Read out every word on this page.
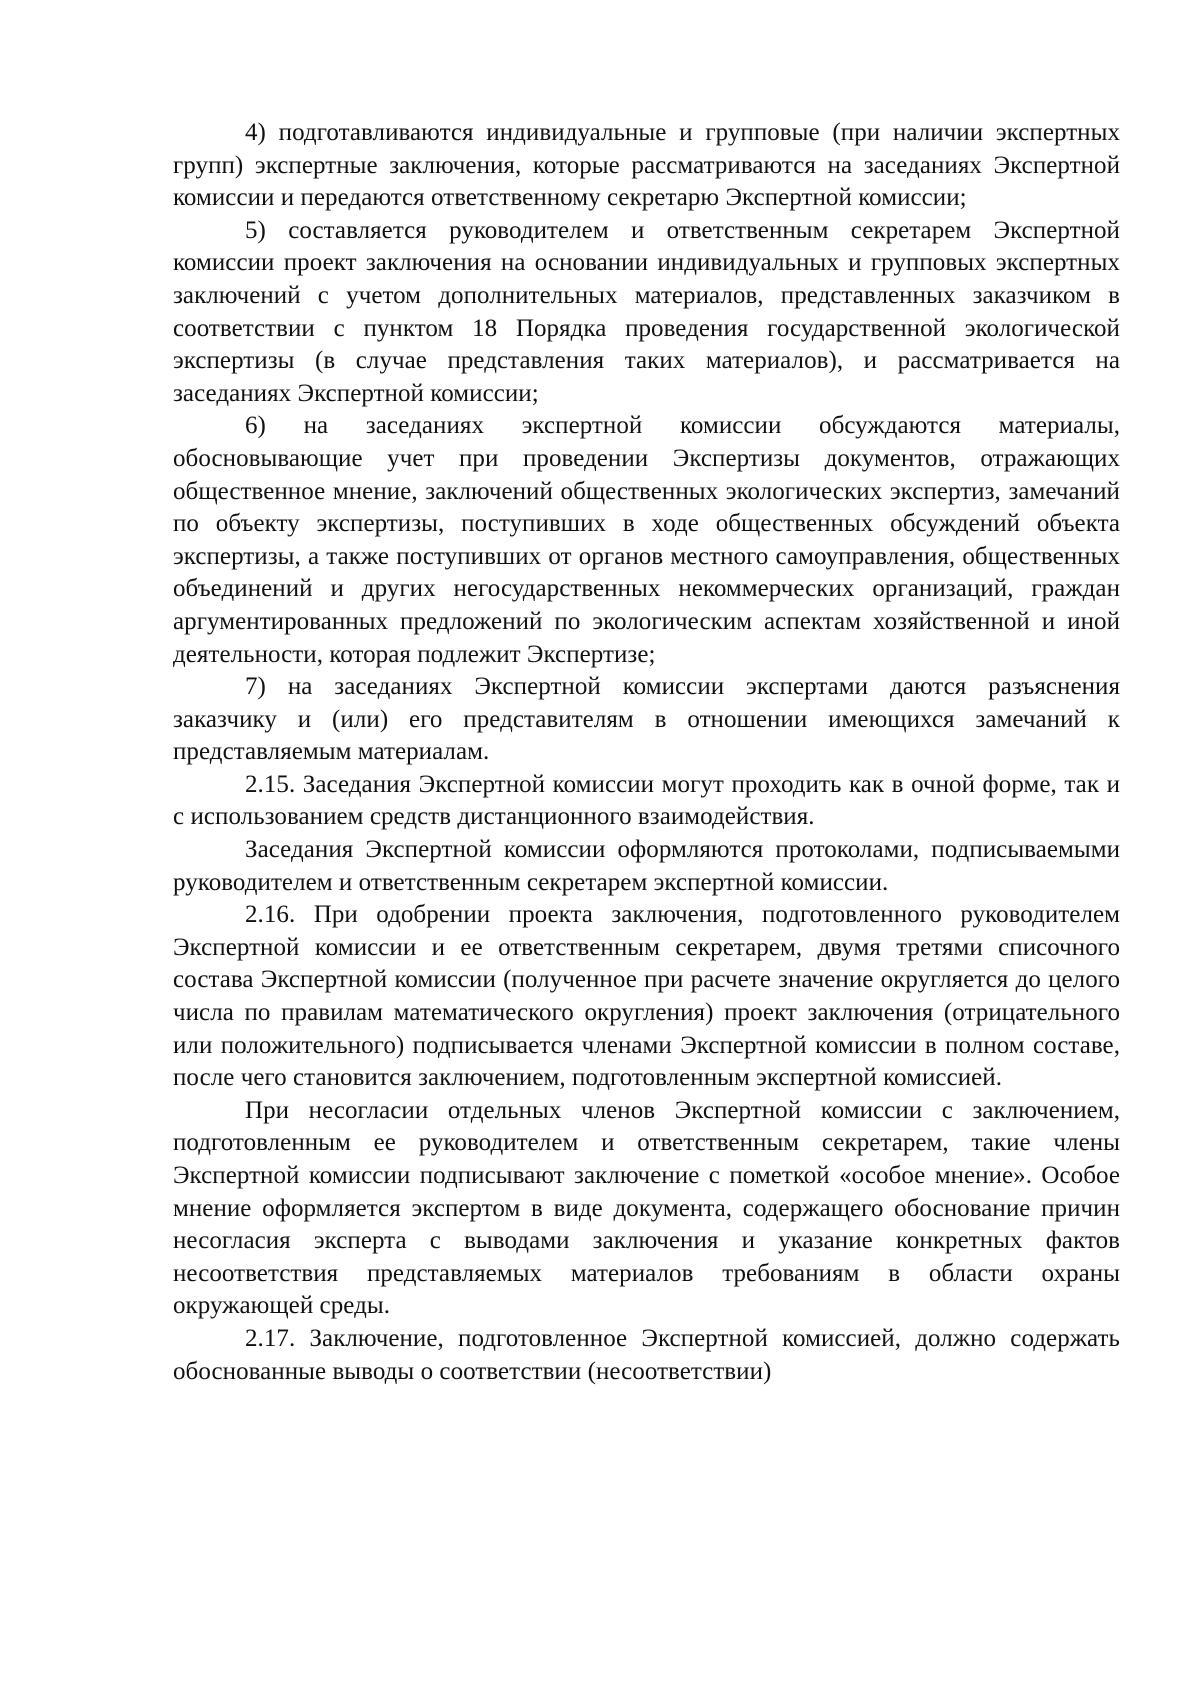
4) подготавливаются индивидуальные и групповые (при наличии экспертных групп) экспертные заключения, которые рассматриваются на заседаниях Экспертной комиссии и передаются ответственному секретарю Экспертной комиссии;

5) составляется руководителем и ответственным секретарем Экспертной комиссии проект заключения на основании индивидуальных и групповых экспертных заключений с учетом дополнительных материалов, представленных заказчиком в соответствии с пунктом 18 Порядка проведения государственной экологической экспертизы (в случае представления таких материалов), и рассматривается на заседаниях Экспертной комиссии;

6) на заседаниях экспертной комиссии обсуждаются материалы, обосновывающие учет при проведении Экспертизы документов, отражающих общественное мнение, заключений общественных экологических экспертиз, замечаний по объекту экспертизы, поступивших в ходе общественных обсуждений объекта экспертизы, а также поступивших от органов местного самоуправления, общественных объединений и других негосударственных некоммерческих организаций, граждан аргументированных предложений по экологическим аспектам хозяйственной и иной деятельности, которая подлежит Экспертизе;

7) на заседаниях Экспертной комиссии экспертами даются разъяснения заказчику и (или) его представителям в отношении имеющихся замечаний к представляемым материалам.

2.15. Заседания Экспертной комиссии могут проходить как в очной форме, так и с использованием средств дистанционного взаимодействия.

Заседания Экспертной комиссии оформляются протоколами, подписываемыми руководителем и ответственным секретарем экспертной комиссии.

2.16. При одобрении проекта заключения, подготовленного руководителем Экспертной комиссии и ее ответственным секретарем, двумя третями списочного состава Экспертной комиссии (полученное при расчете значение округляется до целого числа по правилам математического округления) проект заключения (отрицательного или положительного) подписывается членами Экспертной комиссии в полном составе, после чего становится заключением, подготовленным экспертной комиссией.

При несогласии отдельных членов Экспертной комиссии с заключением, подготовленным ее руководителем и ответственным секретарем, такие члены Экспертной комиссии подписывают заключение с пометкой «особое мнение». Особое мнение оформляется экспертом в виде документа, содержащего обоснование причин несогласия эксперта с выводами заключения и указание конкретных фактов несоответствия представляемых материалов требованиям в области охраны окружающей среды.

2.17. Заключение, подготовленное Экспертной комиссией, должно содержать обоснованные выводы о соответствии (несоответствии)
